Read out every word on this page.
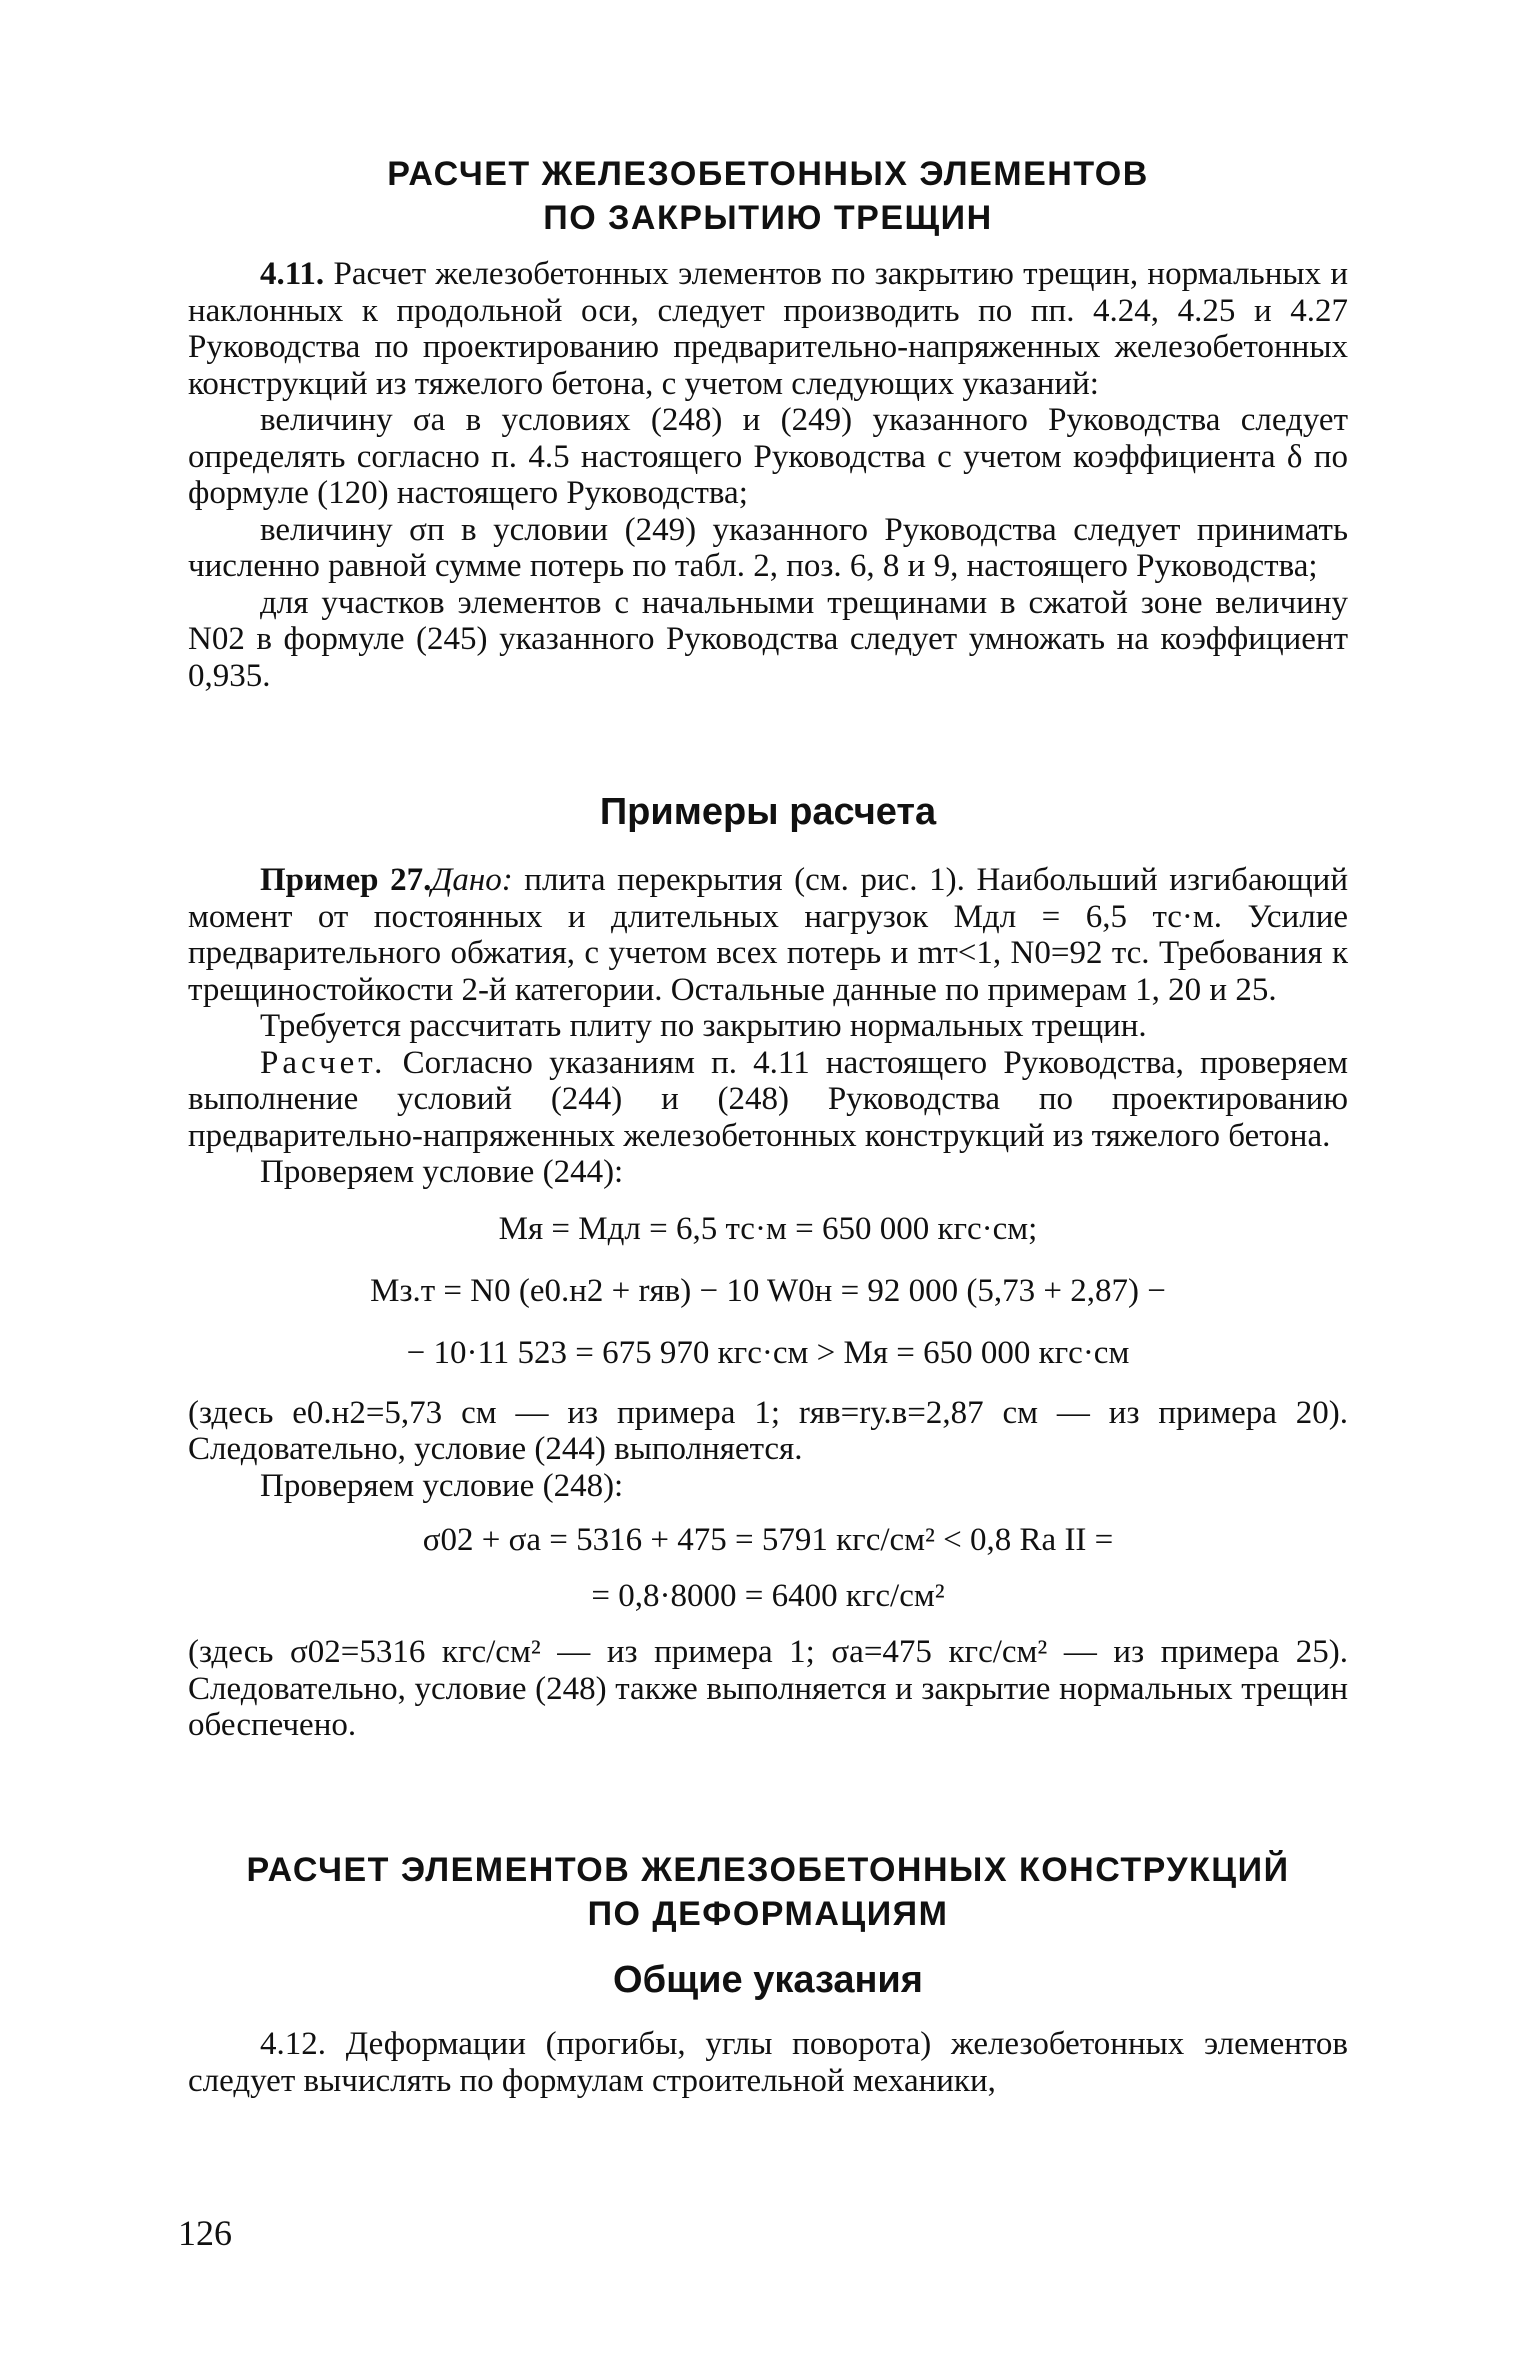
РАСЧЕТ ЖЕЛЕЗОБЕТОННЫХ ЭЛЕМЕНТОВ
ПО ЗАКРЫТИЮ ТРЕЩИН

4.11. Расчет железобетонных элементов по закрытию трещин, нормальных и наклонных к продольной оси, следует производить по пп. 4.24, 4.25 и 4.27 Руководства по проектированию предварительно-напряженных железобетонных конструкций из тяжелого бетона, с учетом следующих указаний:

величину σа в условиях (248) и (249) указанного Руководства следует определять согласно п. 4.5 настоящего Руководства с учетом коэффициента δ по формуле (120) настоящего Руководства;

величину σп в условии (249) указанного Руководства следует принимать численно равной сумме потерь по табл. 2, поз. 6, 8 и 9, настоящего Руководства;

для участков элементов с начальными трещинами в сжатой зоне величину N02 в формуле (245) указанного Руководства следует умножать на коэффициент 0,935.

Примеры расчета

Пример 27.Дано: плита перекрытия (см. рис. 1). Наибольший изгибающий момент от постоянных и длительных нагрузок Mдл = 6,5 тс·м. Усилие предварительного обжатия, с учетом всех потерь и mт<1, N0=92 тс. Требования к трещиностойкости 2-й категории. Остальные данные по примерам 1, 20 и 25.

Требуется рассчитать плиту по закрытию нормальных трещин.

Расчет. Согласно указаниям п. 4.11 настоящего Руководства, проверяем выполнение условий (244) и (248) Руководства по проектированию предварительно-напряженных железобетонных конструкций из тяжелого бетона.

Проверяем условие (244):

Mя = Mдл = 6,5 тс·м = 650 000 кгс·см;

Mз.т = N0 (e0.н2 + rяв) − 10 W0н = 92 000 (5,73 + 2,87) −

− 10·11 523 = 675 970 кгс·см > Mя = 650 000 кгс·см

(здесь e0.н2=5,73 см — из примера 1; rяв=rу.в=2,87 см — из примера 20). Следовательно, условие (244) выполняется.

Проверяем условие (248):

σ02 + σа = 5316 + 475 = 5791 кгс/см² < 0,8 Rа II =

= 0,8·8000 = 6400 кгс/см²

(здесь σ02=5316 кгс/см² — из примера 1; σа=475 кгс/см² — из примера 25). Следовательно, условие (248) также выполняется и закрытие нормальных трещин обеспечено.

РАСЧЕТ ЭЛЕМЕНТОВ ЖЕЛЕЗОБЕТОННЫХ КОНСТРУКЦИЙ
ПО ДЕФОРМАЦИЯМ
Общие указания

4.12. Деформации (прогибы, углы поворота) железобетонных элементов следует вычислять по формулам строительной механики,

126
